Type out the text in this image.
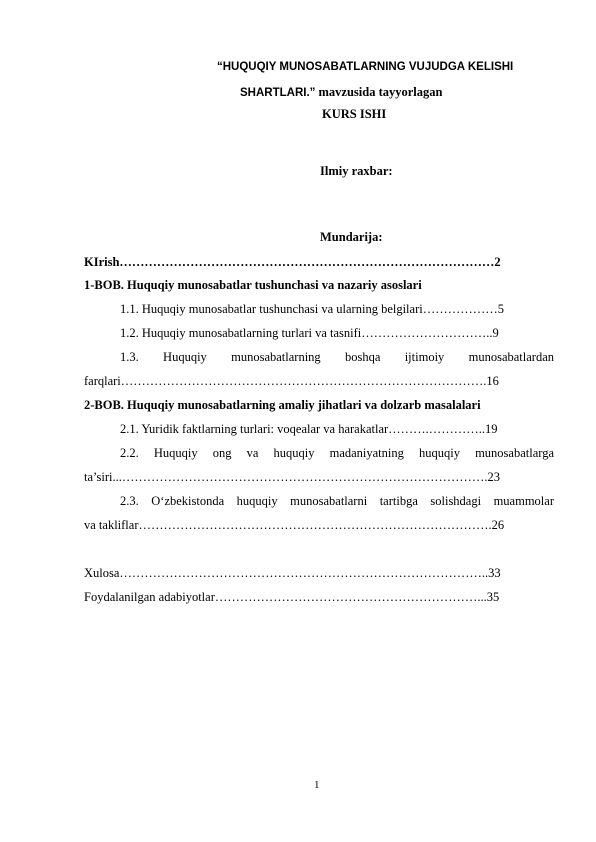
“HUQUQIY MUNOSABATLARNING VUJUDGA KELISHI
SHARTLARI.” mavzusida tayyorlagan
KURS ISHI
Ilmiy raxbar:
Mundarija:
KIrish………………………………………………………………………………2
1-BOB. Huquqiy munosabatlar tushunchasi va nazariy asoslari
1.1. Huquqiy munosabatlar tushunchasi va ularning belgilari………………5
1.2. Huquqiy munosabatlarning turlari va tasnifi…………………………..9
1.3. Huquqiy munosabatlarning boshqa ijtimoiy munosabatlardan
farqlari…………………………………………………………………………….16
2-BOB. Huquqiy munosabatlarning amaliy jihatlari va dolzarb masalalari
2.1. Yuridik faktlarning turlari: voqealar va harakatlar……….…………..19
2.2. Huquqiy ong va huquqiy madaniyatning huquqiy munosabatlarga
ta’siri...…………………………………………………………………………….23
2.3. O‘zbekistonda huquqiy munosabatlarni tartibga solishdagi muammolar
va takliflar………………………………………………………………………….26
Xulosa……………………………………………………………………………..33
Foydalanilgan adabiyotlar………………………………………………………...35
1
